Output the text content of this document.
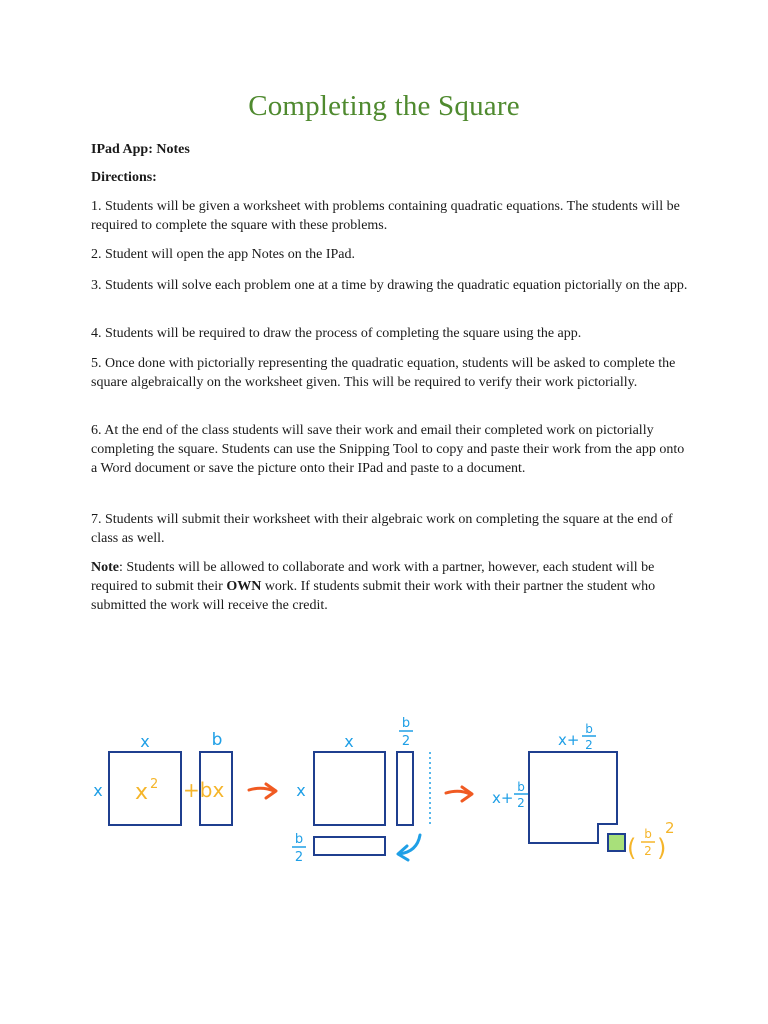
Completing the Square
IPad App: Notes
Directions:
1. Students will be given a worksheet with problems containing quadratic equations. The students will be required to complete the square with these problems.
2. Student will open the app Notes on the IPad.
3. Students will solve each problem one at a time by drawing the quadratic equation pictorially on the app.
4. Students will be required to draw the process of completing the square using the app.
5. Once done with pictorially representing the quadratic equation, students will be asked to complete the square algebraically on the worksheet given. This will be required to verify their work pictorially.
6. At the end of the class students will save their work and email their completed work on pictorially completing the square. Students can use the Snipping Tool to copy and paste their work from the app onto a Word document or save the picture onto their IPad and paste to a document.
7. Students will submit their worksheet with their algebraic work on completing the square at the end of class as well.
Note: Students will be allowed to collaborate and work with a partner, however, each student will be required to submit their OWN work. If students submit their work with their partner the student who submitted the work will receive the credit.
x	b
x x 2 +bx
x
b
2
x
b
2
x+
b
2
x+
b
2
( b
2 )
2
